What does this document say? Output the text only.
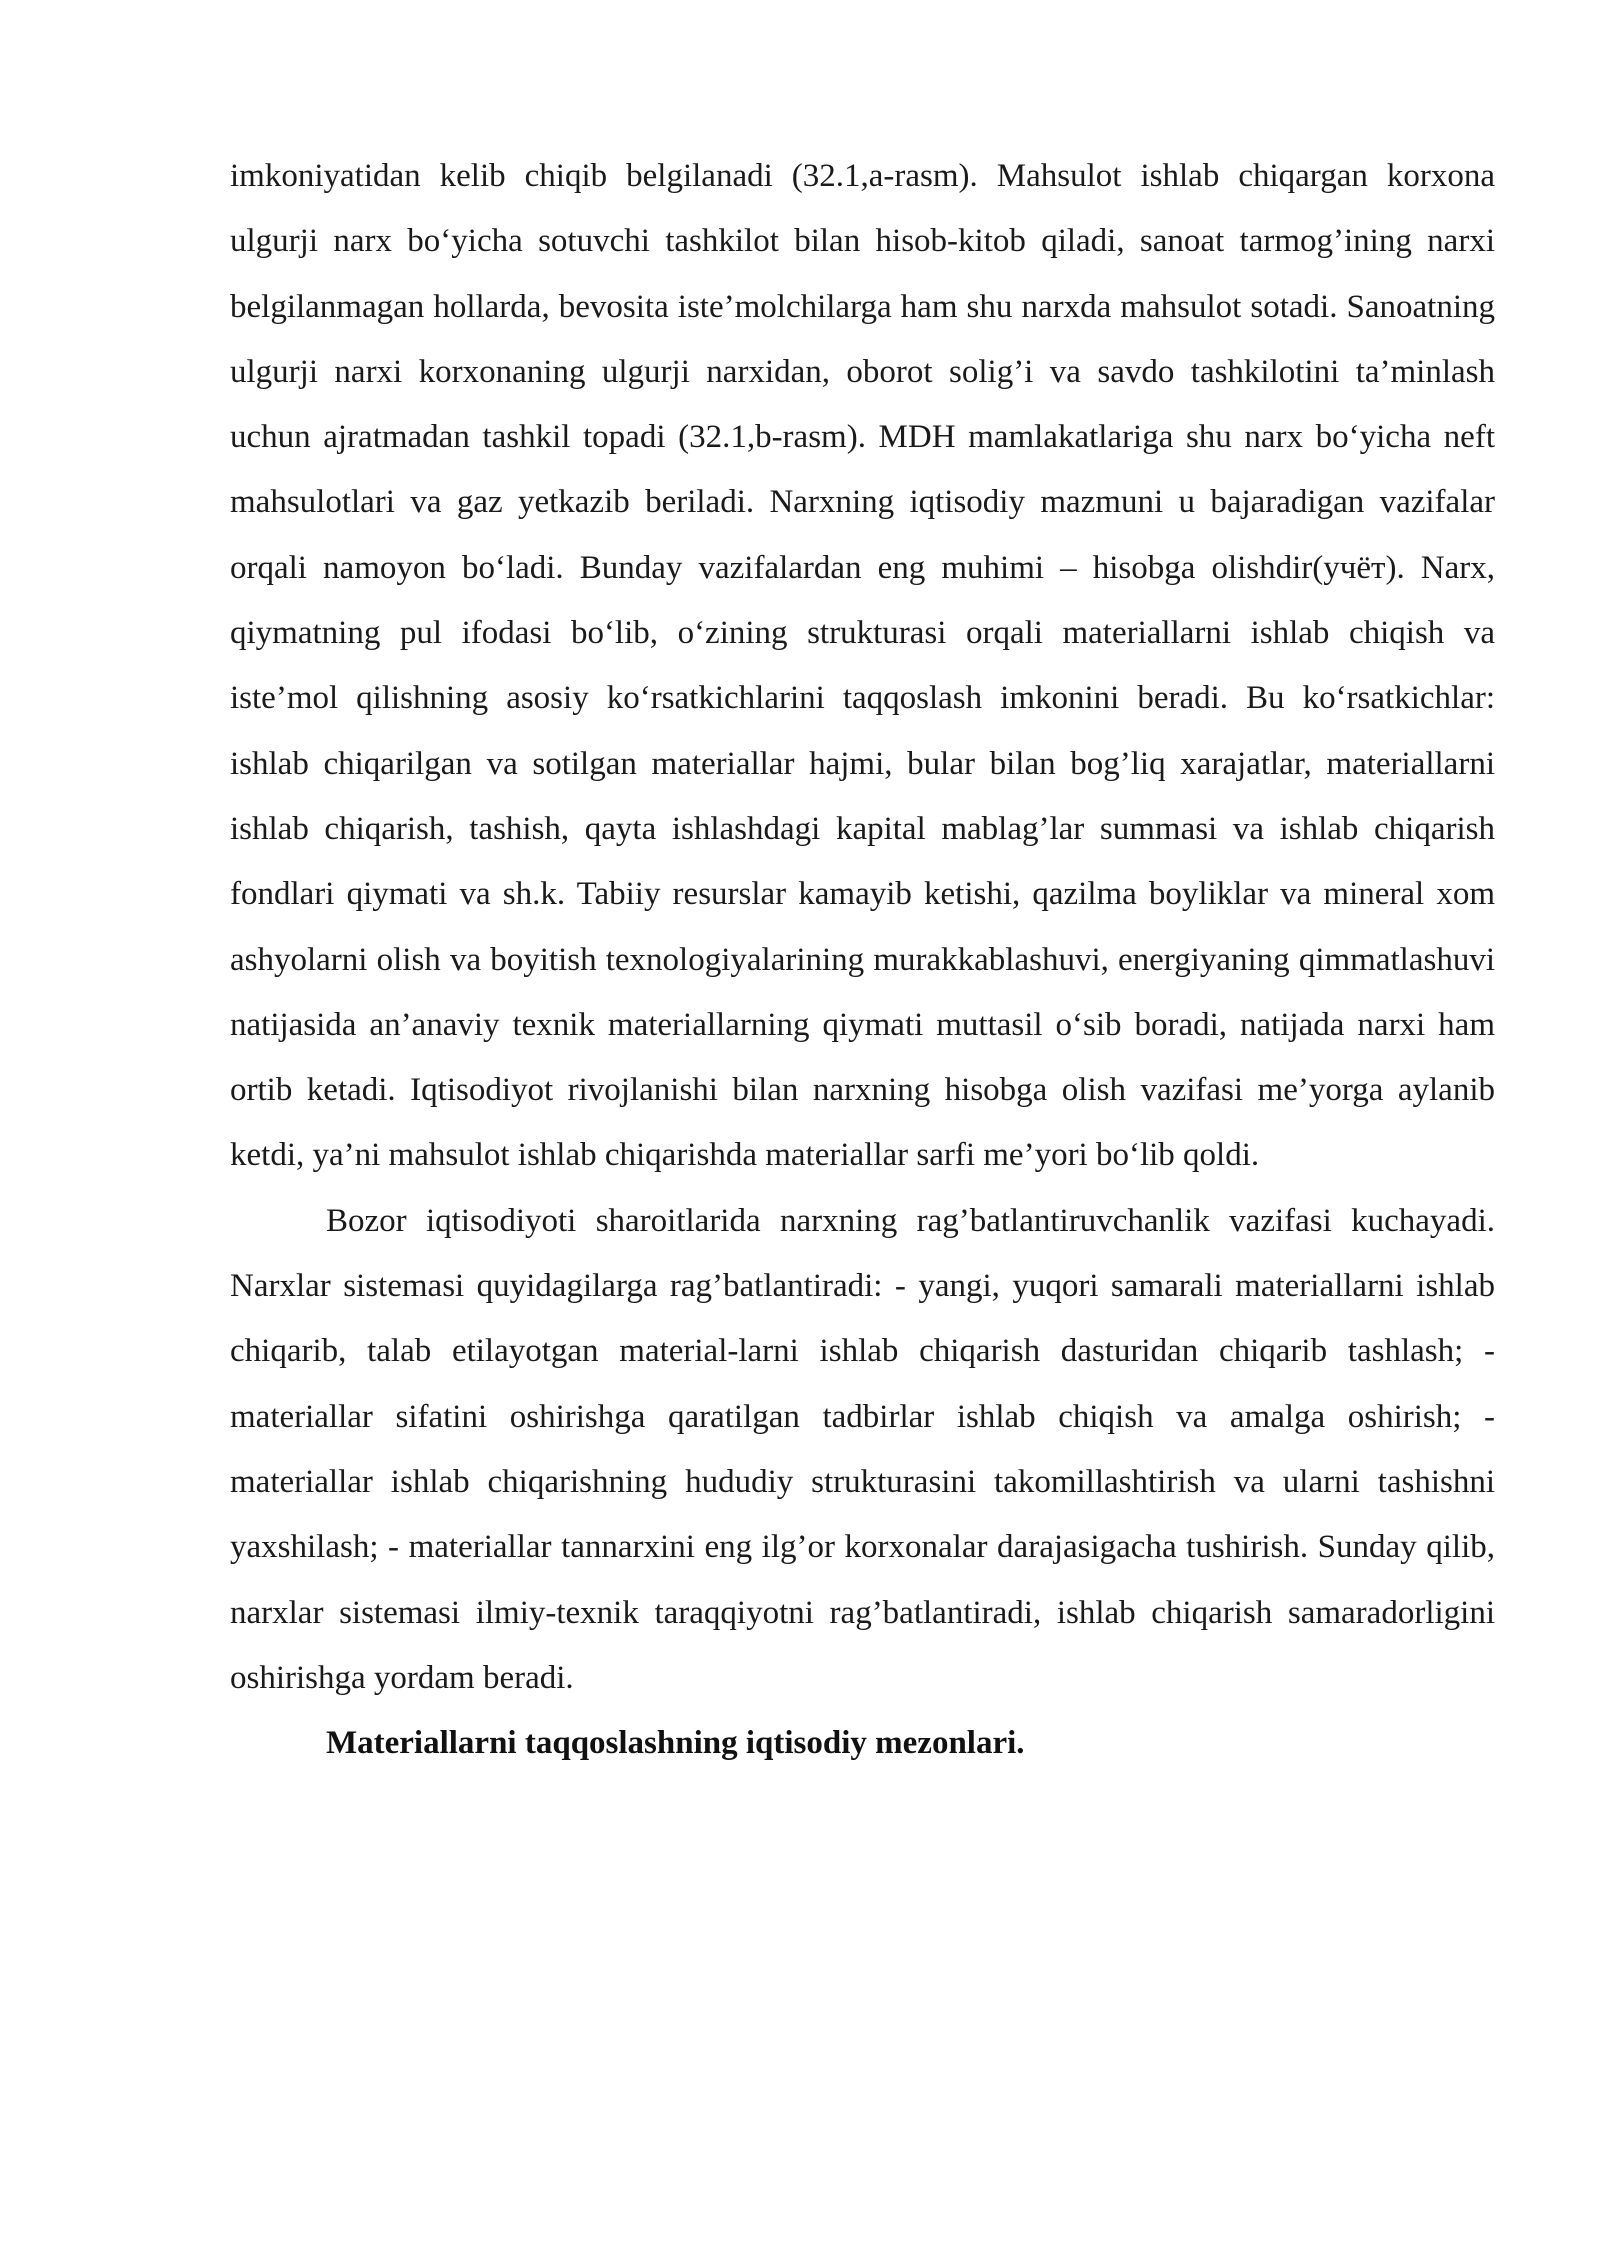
imkoniyatidan kelib chiqib belgilanadi (32.1,a-rasm). Mahsulot ishlab chiqargan korxona ulgurji narx bo‘yicha sotuvchi tashkilot bilan hisob-kitob qiladi, sanoat tarmog’ining narxi belgilanmagan hollarda, bevosita iste’molchilarga ham shu narxda mahsulot sotadi. Sanoatning ulgurji narxi korxonaning ulgurji narxidan, oborot solig’i va savdo tashkilotini ta’minlash uchun ajratmadan tashkil topadi (32.1,b-rasm). MDH mamlakatlariga shu narx bo‘yicha neft mahsulotlari va gaz yetkazib beriladi. Narxning iqtisodiy mazmuni u bajaradigan vazifalar orqali namoyon bo‘ladi. Bunday vazifalardan eng muhimi – hisobga olishdir(учёт). Narx, qiymatning pul ifodasi bo‘lib, o‘zining strukturasi orqali materiallarni ishlab chiqish va iste’mol qilishning asosiy ko‘rsatkichlarini taqqoslash imkonini beradi. Bu ko‘rsatkichlar: ishlab chiqarilgan va sotilgan materiallar hajmi, bular bilan bog’liq xarajatlar, materiallarni ishlab chiqarish, tashish, qayta ishlashdagi kapital mablag’lar summasi va ishlab chiqarish fondlari qiymati va sh.k. Tabiiy resurslar kamayib ketishi, qazilma boyliklar va mineral xom ashyolarni olish va boyitish texnologiyalarining murakkablashuvi, energiyaning qimmatlashuvi natijasida an’anaviy texnik materiallarning qiymati muttasil o‘sib boradi, natijada narxi ham ortib ketadi. Iqtisodiyot rivojlanishi bilan narxning hisobga olish vazifasi me’yorga aylanib ketdi, ya’ni mahsulot ishlab chiqarishda materiallar sarfi me’yori bo‘lib qoldi.

Bozor iqtisodiyoti sharoitlarida narxning rag’batlantiruvchanlik vazifasi kuchayadi. Narxlar sistemasi quyidagilarga rag’batlantiradi: - yangi, yuqori samarali materiallarni ishlab chiqarib, talab etilayotgan material-larni ishlab chiqarish dasturidan chiqarib tashlash; - materiallar sifatini oshirishga qaratilgan tadbirlar ishlab chiqish va amalga oshirish; - materiallar ishlab chiqarishning hududiy strukturasini takomillashtirish va ularni tashishni yaxshilash; - materiallar tannarxini eng ilg’or korxonalar darajasigacha tushirish. Sunday qilib, narxlar sistemasi ilmiy-texnik taraqqiyotni rag’batlantiradi, ishlab chiqarish samaradorligini oshirishga yordam beradi.

Materiallarni taqqoslashning iqtisodiy mezonlari.
